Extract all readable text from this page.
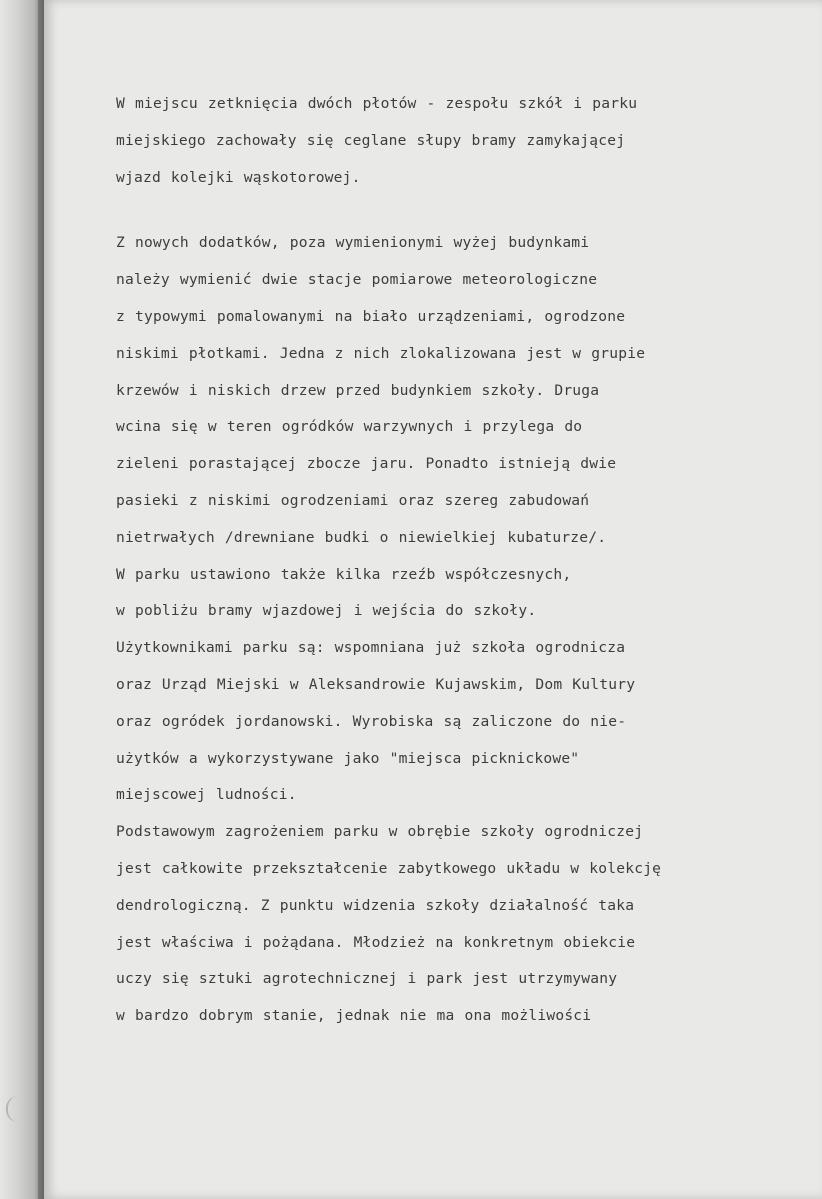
W miejscu zetknięcia dwóch płotów - zespołu szkół i parku
miejskiego zachowały się ceglane słupy bramy zamykającej
wjazd kolejki wąskotorowej.
Z nowych dodatków, poza wymienionymi wyżej budynkami
należy wymienić dwie stacje pomiarowe meteorologiczne
z typowymi pomalowanymi na biało urządzeniami, ogrodzone
niskimi płotkami. Jedna z nich zlokalizowana jest w grupie
krzewów i niskich drzew przed budynkiem szkoły. Druga
wcina się w teren ogródków warzywnych i przylega do
zieleni porastającej zbocze jaru. Ponadto istnieją dwie
pasieki z niskimi ogrodzeniami oraz szereg zabudowań
nietrwałych /drewniane budki o niewielkiej kubaturze/.
W parku ustawiono także kilka rzeźb współczesnych,
w pobliżu bramy wjazdowej i wejścia do szkoły.
Użytkownikami parku są: wspomniana już szkoła ogrodnicza
oraz Urząd Miejski w Aleksandrowie Kujawskim, Dom Kultury
oraz ogródek jordanowski. Wyrobiska są zaliczone do nie-
użytków a wykorzystywane jako "miejsca picknickowe"
miejscowej ludności.
Podstawowym zagrożeniem parku w obrębie szkoły ogrodniczej
jest całkowite przekształcenie zabytkowego układu w kolekcję
dendrologiczną. Z punktu widzenia szkoły działalność taka
jest właściwa i pożądana. Młodzież na konkretnym obiekcie
uczy się sztuki agrotechnicznej i park jest utrzymywany
w bardzo dobrym stanie, jednak nie ma ona możliwości
